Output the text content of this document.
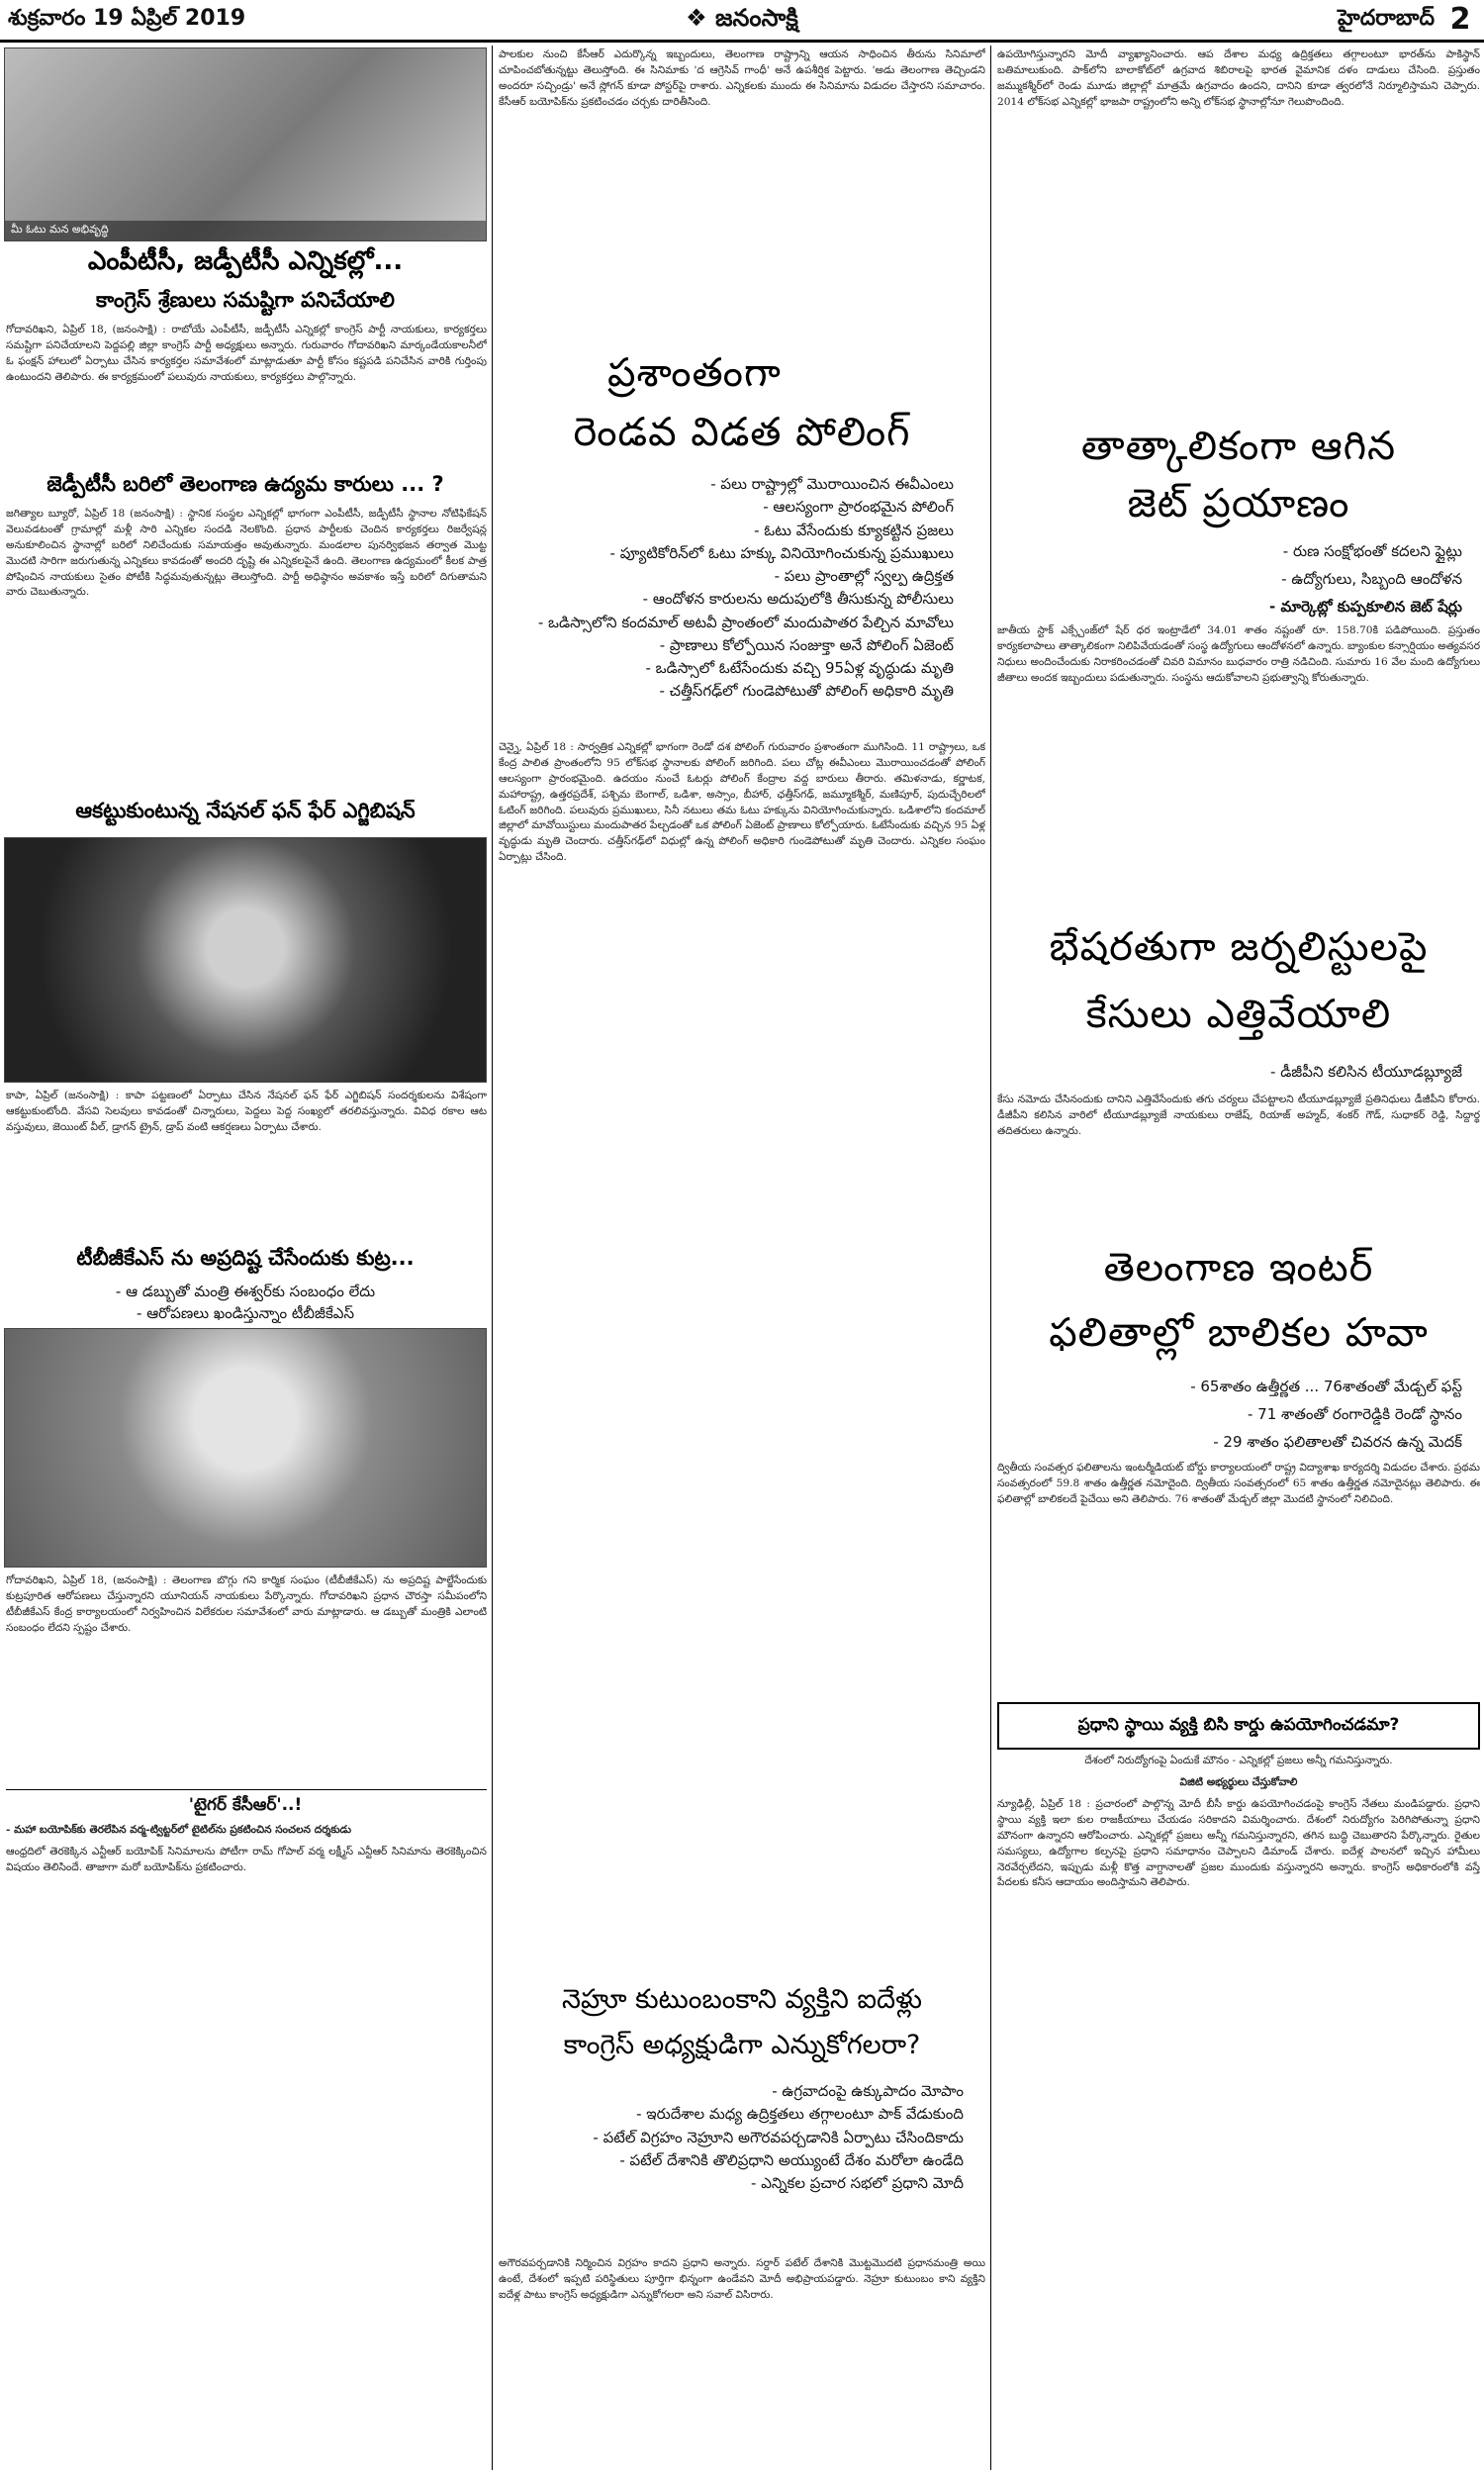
శుక్రవారం 19 ఏప్రిల్ 2019	❖ జనంసాక్షి	హైదరాబాద్ 2
మీ ఓటు మన అభివృద్ధి
ఎంపీటీసీ, జడ్పీటీసీ ఎన్నికల్లో...
కాంగ్రెస్ శ్రేణులు సమష్టిగా పనిచేయాలి
గోదావరిఖని, ఏప్రిల్ 18, (జనంసాక్షి) : రాబోయే ఎంపీటీసీ, జడ్పీటీసీ ఎన్నికల్లో కాంగ్రెస్ పార్టీ నాయకులు, కార్యకర్తలు సమష్టిగా పనిచేయాలని పెద్దపల్లి జిల్లా కాంగ్రెస్ పార్టీ అధ్యక్షులు అన్నారు. గురువారం గోదావరిఖని మార్కండేయకాలనీలో ఓ ఫంక్షన్ హాలులో ఏర్పాటు చేసిన కార్యకర్తల సమావేశంలో మాట్లాడుతూ పార్టీ కోసం కష్టపడి పనిచేసిన వారికి గుర్తింపు ఉంటుందని తెలిపారు. ఈ కార్యక్రమంలో పలువురు నాయకులు, కార్యకర్తలు పాల్గొన్నారు.
జెడ్పీటీసీ బరిలో తెలంగాణ ఉద్యమ కారులు ... ?
జగిత్యాల బ్యూరో, ఏప్రిల్ 18 (జనంసాక్షి) : స్థానిక సంస్థల ఎన్నికల్లో భాగంగా ఎంపీటీసీ, జడ్పీటీసీ స్థానాల నోటిఫికేషన్ వెలువడటంతో గ్రామాల్లో మళ్లీ సారి ఎన్నికల సందడి నెలకొంది. ప్రధాన పార్టీలకు చెందిన కార్యకర్తలు రిజర్వేషన్ల అనుకూలించిన స్థానాల్లో బరిలో నిలిచేందుకు సమాయత్తం అవుతున్నారు. మండలాల పునర్విభజన తర్వాత మొట్ట మొదటి సారిగా జరుగుతున్న ఎన్నికలు కావడంతో అందరి దృష్టి ఈ ఎన్నికలపైనే ఉంది. తెలంగాణ ఉద్యమంలో కీలక పాత్ర పోషించిన నాయకులు సైతం పోటీకి సిద్ధమవుతున్నట్లు తెలుస్తోంది. పార్టీ అధిష్ఠానం అవకాశం ఇస్తే బరిలో దిగుతామని వారు చెబుతున్నారు.
ఆకట్టుకుంటున్న నేషనల్ ఫన్ ఫేర్ ఎగ్జిబిషన్
కాపా, ఏప్రిల్ (జనంసాక్షి) : కాపా పట్టణంలో ఏర్పాటు చేసిన నేషనల్ ఫన్ ఫేర్ ఎగ్జిబిషన్ సందర్శకులను విశేషంగా ఆకట్టుకుంటోంది. వేసవి సెలవులు కావడంతో చిన్నారులు, పెద్దలు పెద్ద సంఖ్యలో తరలివస్తున్నారు. వివిధ రకాల ఆట వస్తువులు, జెయింట్ వీల్, డ్రాగన్ ట్రైన్, డ్రాప్ వంటి ఆకర్షణలు ఏర్పాటు చేశారు.
టీబీజీకేఎస్ ను అప్రదిష్ట చేసేందుకు కుట్ర...
- ఆ డబ్బుతో మంత్రి ఈశ్వర్‌కు సంబంధం లేదు
- ఆరోపణలు ఖండిస్తున్నాం టీబీజీకేఎస్
గోదావరిఖని, ఏప్రిల్ 18, (జనంసాక్షి) : తెలంగాణ బొగ్గు గని కార్మిక సంఘం (టీబీజీకేఎస్) ను అప్రదిష్ట పాల్జేసేందుకు కుట్రపూరిత ఆరోపణలు చేస్తున్నారని యూనియన్ నాయకులు పేర్కొన్నారు. గోదావరిఖని ప్రధాన చౌరస్తా సమీపంలోని టీబీజీకేఎస్ కేంద్ర కార్యాలయంలో నిర్వహించిన విలేకరుల సమావేశంలో వారు మాట్లాడారు. ఆ డబ్బుతో మంత్రికి ఎలాంటి సంబంధం లేదని స్పష్టం చేశారు.
'టైగర్ కేసీఆర్'..!
- మహా బయోపిక్‌కు తెరలేపిన వర్మ-ట్విట్టర్‌లో టైటిల్‌ను ప్రకటించిన సంచలన దర్శకుడు
ఆంధ్రదిలో తెరకెక్కిన ఎన్టీఆర్ బయోపిక్ సినిమాలను పోటీగా రామ్ గోపాల్ వర్మ లక్ష్మీస్ ఎన్టీఆర్ సినిమాను తెరకెక్కించిన విషయం తెలిసిందే. తాజాగా మరో బయోపిక్‌ను ప్రకటించారు.
పాలకుల నుంచి కేసీఆర్ ఎదుర్కొన్న ఇబ్బందులు, తెలంగాణ రాష్ట్రాన్ని ఆయన సాధించిన తీరును సినిమాలో చూపించబోతున్నట్టు తెలుస్తోంది. ఈ సినిమాకు 'ద ఆగ్రెసివ్ గాంధీ' అనే ఉపశీర్షిక పెట్టారు. 'అడు తెలంగాణ తెచ్చిండని అందరూ సచ్చిండ్రు' అనే స్లోగన్ కూడా పోస్టర్‌పై రాశారు. ఎన్నికలకు ముందు ఈ సినిమాను విడుదల చేస్తారని సమాచారం. కేసీఆర్ బయోపిక్‌ను ప్రకటించడం చర్చకు దారితీసింది.
ప్రశాంతంగా
రెండవ విడత పోలింగ్
- పలు రాష్ట్రాల్లో మొరాయించిన ఈవీఎంలు
- ఆలస్యంగా ప్రారంభమైన పోలింగ్
- ఓటు వేసేందుకు క్యూకట్టిన ప్రజలు
- ప్యూటికోరిన్‌లో ఓటు హక్కు వినియోగించుకున్న ప్రముఖులు
- పలు ప్రాంతాల్లో స్వల్ప ఉద్రిక్తత
- ఆందోళన కారులను అదుపులోకి తీసుకున్న పోలీసులు
- ఒడిస్సాలోని కందమాల్ అటవీ ప్రాంతంలో మందుపాతర పేల్చిన మావోలు
- ప్రాణాలు కోల్పోయిన సంజుక్తా అనే పోలింగ్ ఏజెంట్
- ఒడిస్సాలో ఓటేసేందుకు వచ్చి 95ఏళ్ల వృద్ధుడు మృతి
- చత్తీస్‌గఢ్‌లో గుండెపోటుతో పోలింగ్ అధికారి మృతి
చెన్నై, ఏప్రిల్ 18 : సార్వత్రిక ఎన్నికల్లో భాగంగా రెండో దశ పోలింగ్ గురువారం ప్రశాంతంగా ముగిసింది. 11 రాష్ట్రాలు, ఒక కేంద్ర పాలిత ప్రాంతంలోని 95 లోక్‌సభ స్థానాలకు పోలింగ్ జరిగింది. పలు చోట్ల ఈవీఎంలు మొరాయించడంతో పోలింగ్ ఆలస్యంగా ప్రారంభమైంది. ఉదయం నుంచే ఓటర్లు పోలింగ్ కేంద్రాల వద్ద బారులు తీరారు. తమిళనాడు, కర్ణాటక, మహారాష్ట్ర, ఉత్తరప్రదేశ్, పశ్చిమ బెంగాల్, ఒడిశా, అస్సాం, బీహార్, ఛత్తీస్‌గఢ్, జమ్మూకశ్మీర్, మణిపూర్, పుదుచ్చేరిలలో ఓటింగ్ జరిగింది. పలువురు ప్రముఖులు, సినీ నటులు తమ ఓటు హక్కును వినియోగించుకున్నారు. ఒడిశాలోని కందమాల్ జిల్లాలో మావోయిస్టులు మందుపాతర పేల్చడంతో ఒక పోలింగ్ ఏజెంట్ ప్రాణాలు కోల్పోయారు. ఓటేసేందుకు వచ్చిన 95 ఏళ్ల వృద్ధుడు మృతి చెందారు. చత్తీస్‌గఢ్‌లో విధుల్లో ఉన్న పోలింగ్ అధికారి గుండెపోటుతో మృతి చెందారు. ఎన్నికల సంఘం ఏర్పాట్లు చేసింది.
నెహ్రూ కుటుంబంకాని వ్యక్తిని ఐదేళ్లు
కాంగ్రెస్ అధ్యక్షుడిగా ఎన్నుకోగలరా?
- ఉగ్రవాదంపై ఉక్కుపాదం మోపాం
- ఇరుదేశాల మధ్య ఉద్రిక్తతలు తగ్గాలంటూ పాక్ వేడుకుంది
- పటేల్ విగ్రహం నెహ్రూని అగౌరవపర్చడానికి ఏర్పాటు చేసిందికాదు
- పటేల్ దేశానికి తొలిప్రధాని అయ్యుంటే దేశం మరోలా ఉండేది
- ఎన్నికల ప్రచార సభలో ప్రధాని మోదీ
అగౌరవపర్చడానికి నిర్మించిన విగ్రహం కాదని ప్రధాని అన్నారు. సర్దార్ పటేల్ దేశానికి మొట్టమొదటి ప్రధానమంత్రి అయి ఉంటే, దేశంలో ఇప్పటి పరిస్థితులు పూర్తిగా భిన్నంగా ఉండేవని మోదీ అభిప్రాయపడ్డారు. నెహ్రూ కుటుంబం కాని వ్యక్తిని ఐదేళ్ల పాటు కాంగ్రెస్ అధ్యక్షుడిగా ఎన్నుకోగలరా అని సవాల్ విసిరారు.
ఉపయోగిస్తున్నారని మోదీ వ్యాఖ్యానించారు. ఆప దేశాల మధ్య ఉద్రిక్తతలు తగ్గాలంటూ భారత్‌ను పాకిస్థాన్ బతిమాలుకుంది. పాక్‌లోని బాలాకోట్‌లో ఉగ్రవాద శిబిరాలపై భారత వైమానిక దళం దాడులు చేసింది. ప్రస్తుతం జమ్ముకశ్మీర్‌లో రెండు మూడు జిల్లాల్లో మాత్రమే ఉగ్రవాదం ఉందని, దానిని కూడా త్వరలోనే నిర్మూలిస్తామని చెప్పారు. 2014 లోక్‌సభ ఎన్నికల్లో భాజపా రాష్ట్రంలోని అన్ని లోక్‌సభ స్థానాల్లోనూ గెలుపొందింది.
తాత్కాలికంగా ఆగిన
జెట్ ప్రయాణం
- రుణ సంక్షోభంతో కదలని ఫ్లైట్లు
- ఉద్యోగులు, సిబ్బంది ఆందోళన
- మార్కెట్లో కుప్పకూలిన జెట్ షేర్లు
జాతీయ స్టాక్ ఎక్స్చేంజ్‌లో షేర్ ధర ఇంట్రాడేలో 34.01 శాతం నష్టంతో రూ. 158.70కి పడిపోయింది. ప్రస్తుతం కార్యకలాపాలు తాత్కాలికంగా నిలిపివేయడంతో సంస్థ ఉద్యోగులు ఆందోళనలో ఉన్నారు. బ్యాంకుల కన్సార్షియం అత్యవసర నిధులు అందించేందుకు నిరాకరించడంతో చివరి విమానం బుధవారం రాత్రి నడిచింది. సుమారు 16 వేల మంది ఉద్యోగులు జీతాలు అందక ఇబ్బందులు పడుతున్నారు. సంస్థను ఆదుకోవాలని ప్రభుత్వాన్ని కోరుతున్నారు.
భేషరతుగా జర్నలిస్టులపై
కేసులు ఎత్తివేయాలి
- డీజీపీని కలిసిన టీయూడబ్ల్యూజే
కేసు నమోదు చేసినందుకు దానిని ఎత్తివేసేందుకు తగు చర్యలు చేపట్టాలని టీయూడబ్ల్యూజే ప్రతినిధులు డీజీపీని కోరారు. డీజీపీని కలిసిన వారిలో టీయూడబ్ల్యూజే నాయకులు రాజేష్, రియాజ్ అహ్మద్, శంకర్ గౌడ్, సుధాకర్ రెడ్డి, సిద్దార్థ తదితరులు ఉన్నారు.
తెలంగాణ ఇంటర్
ఫలితాల్లో బాలికల హవా
- 65శాతం ఉత్తీర్ణత ... 76శాతంతో మేడ్చల్ ఫస్ట్
- 71 శాతంతో రంగారెడ్డికి రెండో స్థానం
- 29 శాతం ఫలితాలతో చివరన ఉన్న మెదక్
ద్వితీయ సంవత్సర ఫలితాలను ఇంటర్మీడియట్ బోర్డు కార్యాలయంలో రాష్ట్ర విద్యాశాఖ కార్యదర్శి విడుదల చేశారు. ప్రథమ సంవత్సరంలో 59.8 శాతం ఉత్తీర్ణత నమోదైంది. ద్వితీయ సంవత్సరంలో 65 శాతం ఉత్తీర్ణత నమోదైనట్లు తెలిపారు. ఈ ఫలితాల్లో బాలికలదే పైచేయి అని తెలిపారు. 76 శాతంతో మేడ్చల్ జిల్లా మొదటి స్థానంలో నిలిచింది.
ప్రధాని స్థాయి వ్యక్తి బిసి కార్డు ఉపయోగించడమా?
దేశంలో నిరుద్యోగంపై ఏందుకే మౌనం - ఎన్నికల్లో ప్రజలు అన్నీ గమనిస్తున్నారు.
విజిటి అభ్యర్థులు చేస్తుకోవాలి
న్యూఢిల్లీ, ఏప్రిల్ 18 : ప్రచారంలో పాల్గొన్న మోదీ బీసీ కార్డు ఉపయోగించడంపై కాంగ్రెస్ నేతలు మండిపడ్డారు. ప్రధాని స్థాయి వ్యక్తి ఇలా కుల రాజకీయాలు చేయడం సరికాదని విమర్శించారు. దేశంలో నిరుద్యోగం పెరిగిపోతున్నా ప్రధాని మౌనంగా ఉన్నారని ఆరోపించారు. ఎన్నికల్లో ప్రజలు అన్నీ గమనిస్తున్నారని, తగిన బుద్ధి చెబుతారని పేర్కొన్నారు. రైతుల సమస్యలు, ఉద్యోగాల కల్పనపై ప్రధాని సమాధానం చెప్పాలని డిమాండ్ చేశారు. ఐదేళ్ల పాలనలో ఇచ్చిన హామీలు నెరవేర్చలేదని, ఇప్పుడు మళ్లీ కొత్త వాగ్దానాలతో ప్రజల ముందుకు వస్తున్నారని అన్నారు. కాంగ్రెస్ అధికారంలోకి వస్తే పేదలకు కనీస ఆదాయం అందిస్తామని తెలిపారు.
